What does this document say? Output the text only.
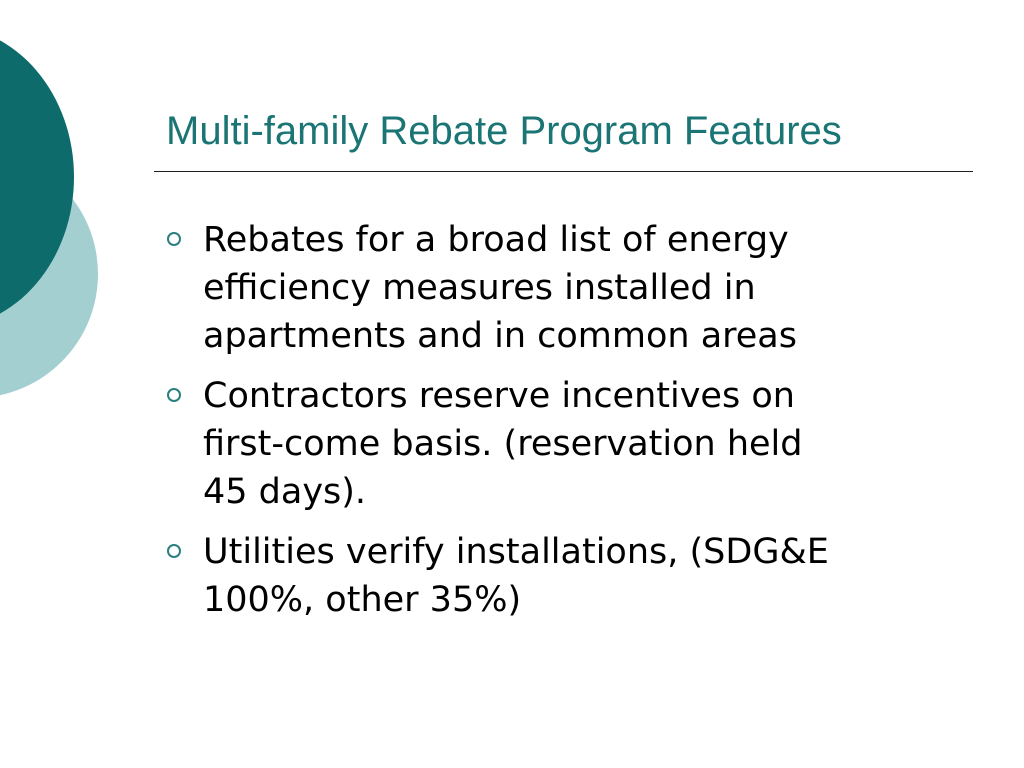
Multi-family Rebate Program Features
Rebates for a broad list of energy
efficiency measures installed in
apartments and in common areas
Contractors reserve incentives on
first-come basis. (reservation held
45 days).
Utilities verify installations, (SDG&E
100%, other 35%)
